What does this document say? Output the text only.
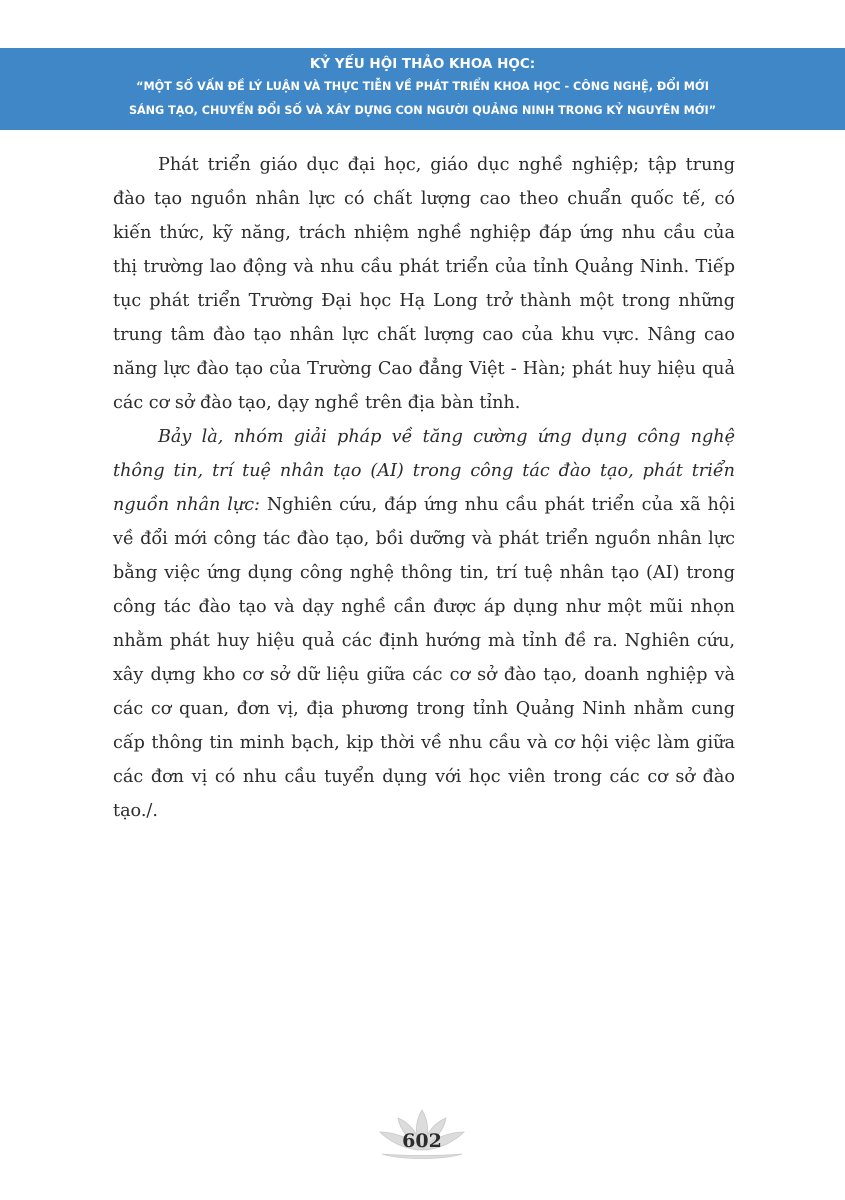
KỶ YẾU HỘI THẢO KHOA HỌC:
“MỘT SỐ VẤN ĐỀ LÝ LUẬN VÀ THỰC TIỄN VỀ PHÁT TRIỂN KHOA HỌC - CÔNG NGHỆ, ĐỔI MỚI
SÁNG TẠO, CHUYỂN ĐỔI SỐ VÀ XÂY DỰNG CON NGƯỜI QUẢNG NINH TRONG KỶ NGUYÊN MỚI”

Phát triển giáo dục đại học, giáo dục nghề nghiệp; tập trung đào tạo nguồn nhân lực có chất lượng cao theo chuẩn quốc tế, có kiến thức, kỹ năng, trách nhiệm nghề nghiệp đáp ứng nhu cầu của thị trường lao động và nhu cầu phát triển của tỉnh Quảng Ninh. Tiếp tục phát triển Trường Đại học Hạ Long trở thành một trong những trung tâm đào tạo nhân lực chất lượng cao của khu vực. Nâng cao năng lực đào tạo của Trường Cao đẳng Việt - Hàn; phát huy hiệu quả các cơ sở đào tạo, dạy nghề trên địa bàn tỉnh.

Bảy là, nhóm giải pháp về tăng cường ứng dụng công nghệ thông tin, trí tuệ nhân tạo (AI) trong công tác đào tạo, phát triển nguồn nhân lực: Nghiên cứu, đáp ứng nhu cầu phát triển của xã hội về đổi mới công tác đào tạo, bồi dưỡng và phát triển nguồn nhân lực bằng việc ứng dụng công nghệ thông tin, trí tuệ nhân tạo (AI) trong công tác đào tạo và dạy nghề cần được áp dụng như một mũi nhọn nhằm phát huy hiệu quả các định hướng mà tỉnh đề ra. Nghiên cứu, xây dựng kho cơ sở dữ liệu giữa các cơ sở đào tạo, doanh nghiệp và các cơ quan, đơn vị, địa phương trong tỉnh Quảng Ninh nhằm cung cấp thông tin minh bạch, kịp thời về nhu cầu và cơ hội việc làm giữa các đơn vị có nhu cầu tuyển dụng với học viên trong các cơ sở đào tạo./.

602
